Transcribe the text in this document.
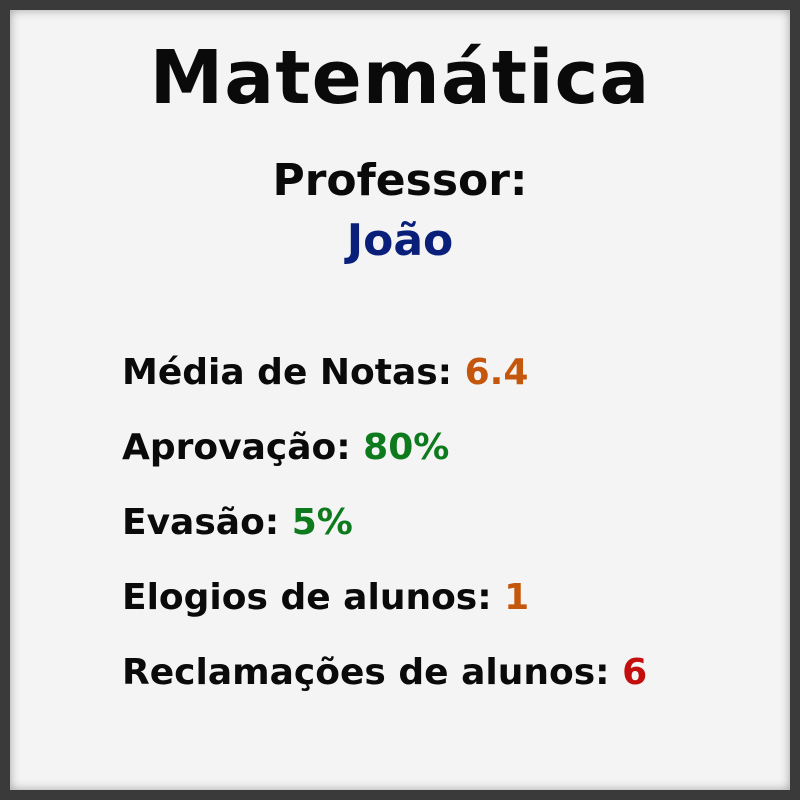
Matemática
Professor:
João
Média de Notas: 6.4
Aprovação: 80%
Evasão: 5%
Elogios de alunos: 1
Reclamações de alunos: 6
